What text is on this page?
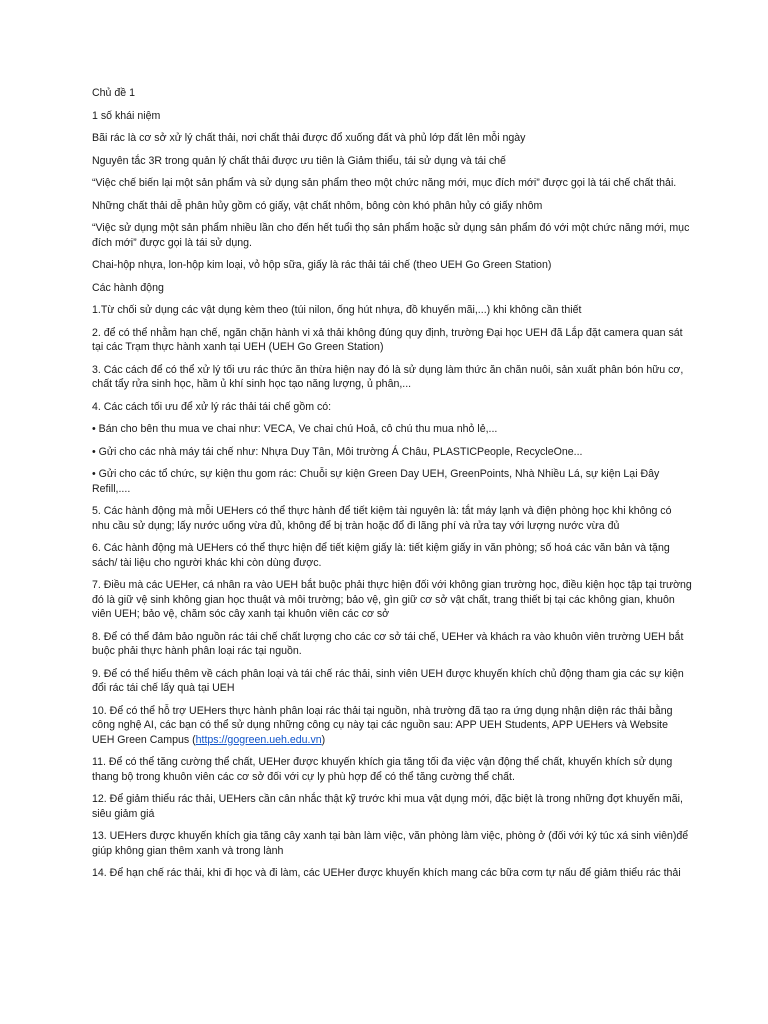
Chủ đề 1

1 số khái niệm

Bãi rác là cơ sở xử lý chất thải, nơi chất thải được đổ xuống đất và phủ lớp đất lên mỗi ngày

Nguyên tắc 3R trong quản lý chất thải được ưu tiên là Giảm thiểu, tái sử dụng và tái chế

“Việc chế biến lại một sản phẩm và sử dụng sản phẩm theo một chức năng mới, mục đích mới” được gọi là tái chế chất thải.

Những chất thải dễ phân hủy gồm có giấy, vật chất nhôm, bông còn khó phân hủy có giấy nhôm

“Việc sử dụng một sản phẩm nhiều lần cho đến hết tuổi thọ sản phẩm hoặc sử dụng sản phẩm đó với một chức năng mới, mục đích mới” được gọi là tái sử dụng.

Chai-hộp nhựa, lon-hộp kim loại, vỏ hộp sữa, giấy là rác thải tái chế (theo UEH Go Green Station)

Các hành động

1.Từ chối sử dụng các vật dụng kèm theo (túi nilon, ống hút nhựa, đồ khuyến mãi,...) khi không cần thiết

2. để có thể nhằm hạn chế, ngăn chặn hành vi xả thải không đúng quy định, trường Đại học UEH đã Lắp đặt camera quan sát tại các Trạm thực hành xanh tại UEH (UEH Go Green Station)

3. Các cách để có thể xử lý tối ưu rác thức ăn thừa hiện nay đó là sử dụng làm thức ăn chăn nuôi, sản xuất phân bón hữu cơ, chất tẩy rửa sinh học, hầm ủ khí sinh học tạo năng lượng, ủ phân,...

4. Các cách tối ưu để xử lý rác thải tái chế gồm có:

• Bán cho bên thu mua ve chai như: VECA, Ve chai chú Hoả, cô chú thu mua nhỏ lẻ,...

• Gửi cho các nhà máy tái chế như: Nhựa Duy Tân, Môi trường Á Châu, PLASTICPeople, RecycleOne...

• Gửi cho các tổ chức, sự kiện thu gom rác: Chuỗi sự kiện Green Day UEH, GreenPoints, Nhà Nhiều Lá, sự kiện Lại Đây Refill,....

5. Các hành động mà mỗi UEHers có thể thực hành để tiết kiệm tài nguyên là: tắt máy lạnh và điện phòng học khi không có nhu cầu sử dụng; lấy nước uống vừa đủ, không để bị tràn hoặc đổ đi lãng phí và rửa tay với lượng nước vừa đủ

6. Các hành động mà UEHers có thể thực hiện để tiết kiệm giấy là: tiết kiệm giấy in văn phòng; số hoá các văn bản và tặng sách/ tài liệu cho người khác khi còn dùng được.

7. Điều mà các UEHer, cá nhân ra vào UEH bắt buộc phải thực hiện đối với không gian trường học, điều kiện học tập tại trường đó là giữ vệ sinh không gian học thuật và môi trường; bảo vệ, gìn giữ cơ sở vật chất, trang thiết bị tại các không gian, khuôn viên UEH; bảo vệ, chăm sóc cây xanh tại khuôn viên các cơ sở

8. Để có thể đảm bảo nguồn rác tái chế chất lượng cho các cơ sở tái chế, UEHer và khách ra vào khuôn viên trường UEH bắt buộc phải thực hành phân loại rác tại nguồn.

9. Để có thể hiểu thêm về cách phân loại và tái chế rác thải, sinh viên UEH được khuyến khích chủ động tham gia các sự kiện đổi rác tái chế lấy quà tại UEH

10. Để có thể hỗ trợ UEHers thực hành phân loại rác thải tại nguồn, nhà trường đã tạo ra ứng dụng nhận diện rác thải bằng công nghệ AI, các bạn có thể sử dụng những công cụ này tại các nguồn sau: APP UEH Students, APP UEHers và Website UEH Green Campus (https://gogreen.ueh.edu.vn)

11. Để có thể tăng cường thể chất, UEHer được khuyến khích gia tăng tối đa việc vận động thể chất, khuyến khích sử dụng thang bộ trong khuôn viên các cơ sở đối với cự ly phù hợp để có thể tăng cường thể chất.

12. Để giảm thiểu rác thải, UEHers cần cân nhắc thật kỹ trước khi mua vật dụng mới, đặc biệt là trong những đợt khuyến mãi, siêu giảm giá

13. UEHers được khuyến khích gia tăng cây xanh tại bàn làm việc, văn phòng làm việc, phòng ở (đối với ký túc xá sinh viên)để giúp không gian thêm xanh và trong lành

14. Để hạn chế rác thải, khi đi học và đi làm, các UEHer được khuyến khích mang các bữa cơm tự nấu để giảm thiểu rác thải
